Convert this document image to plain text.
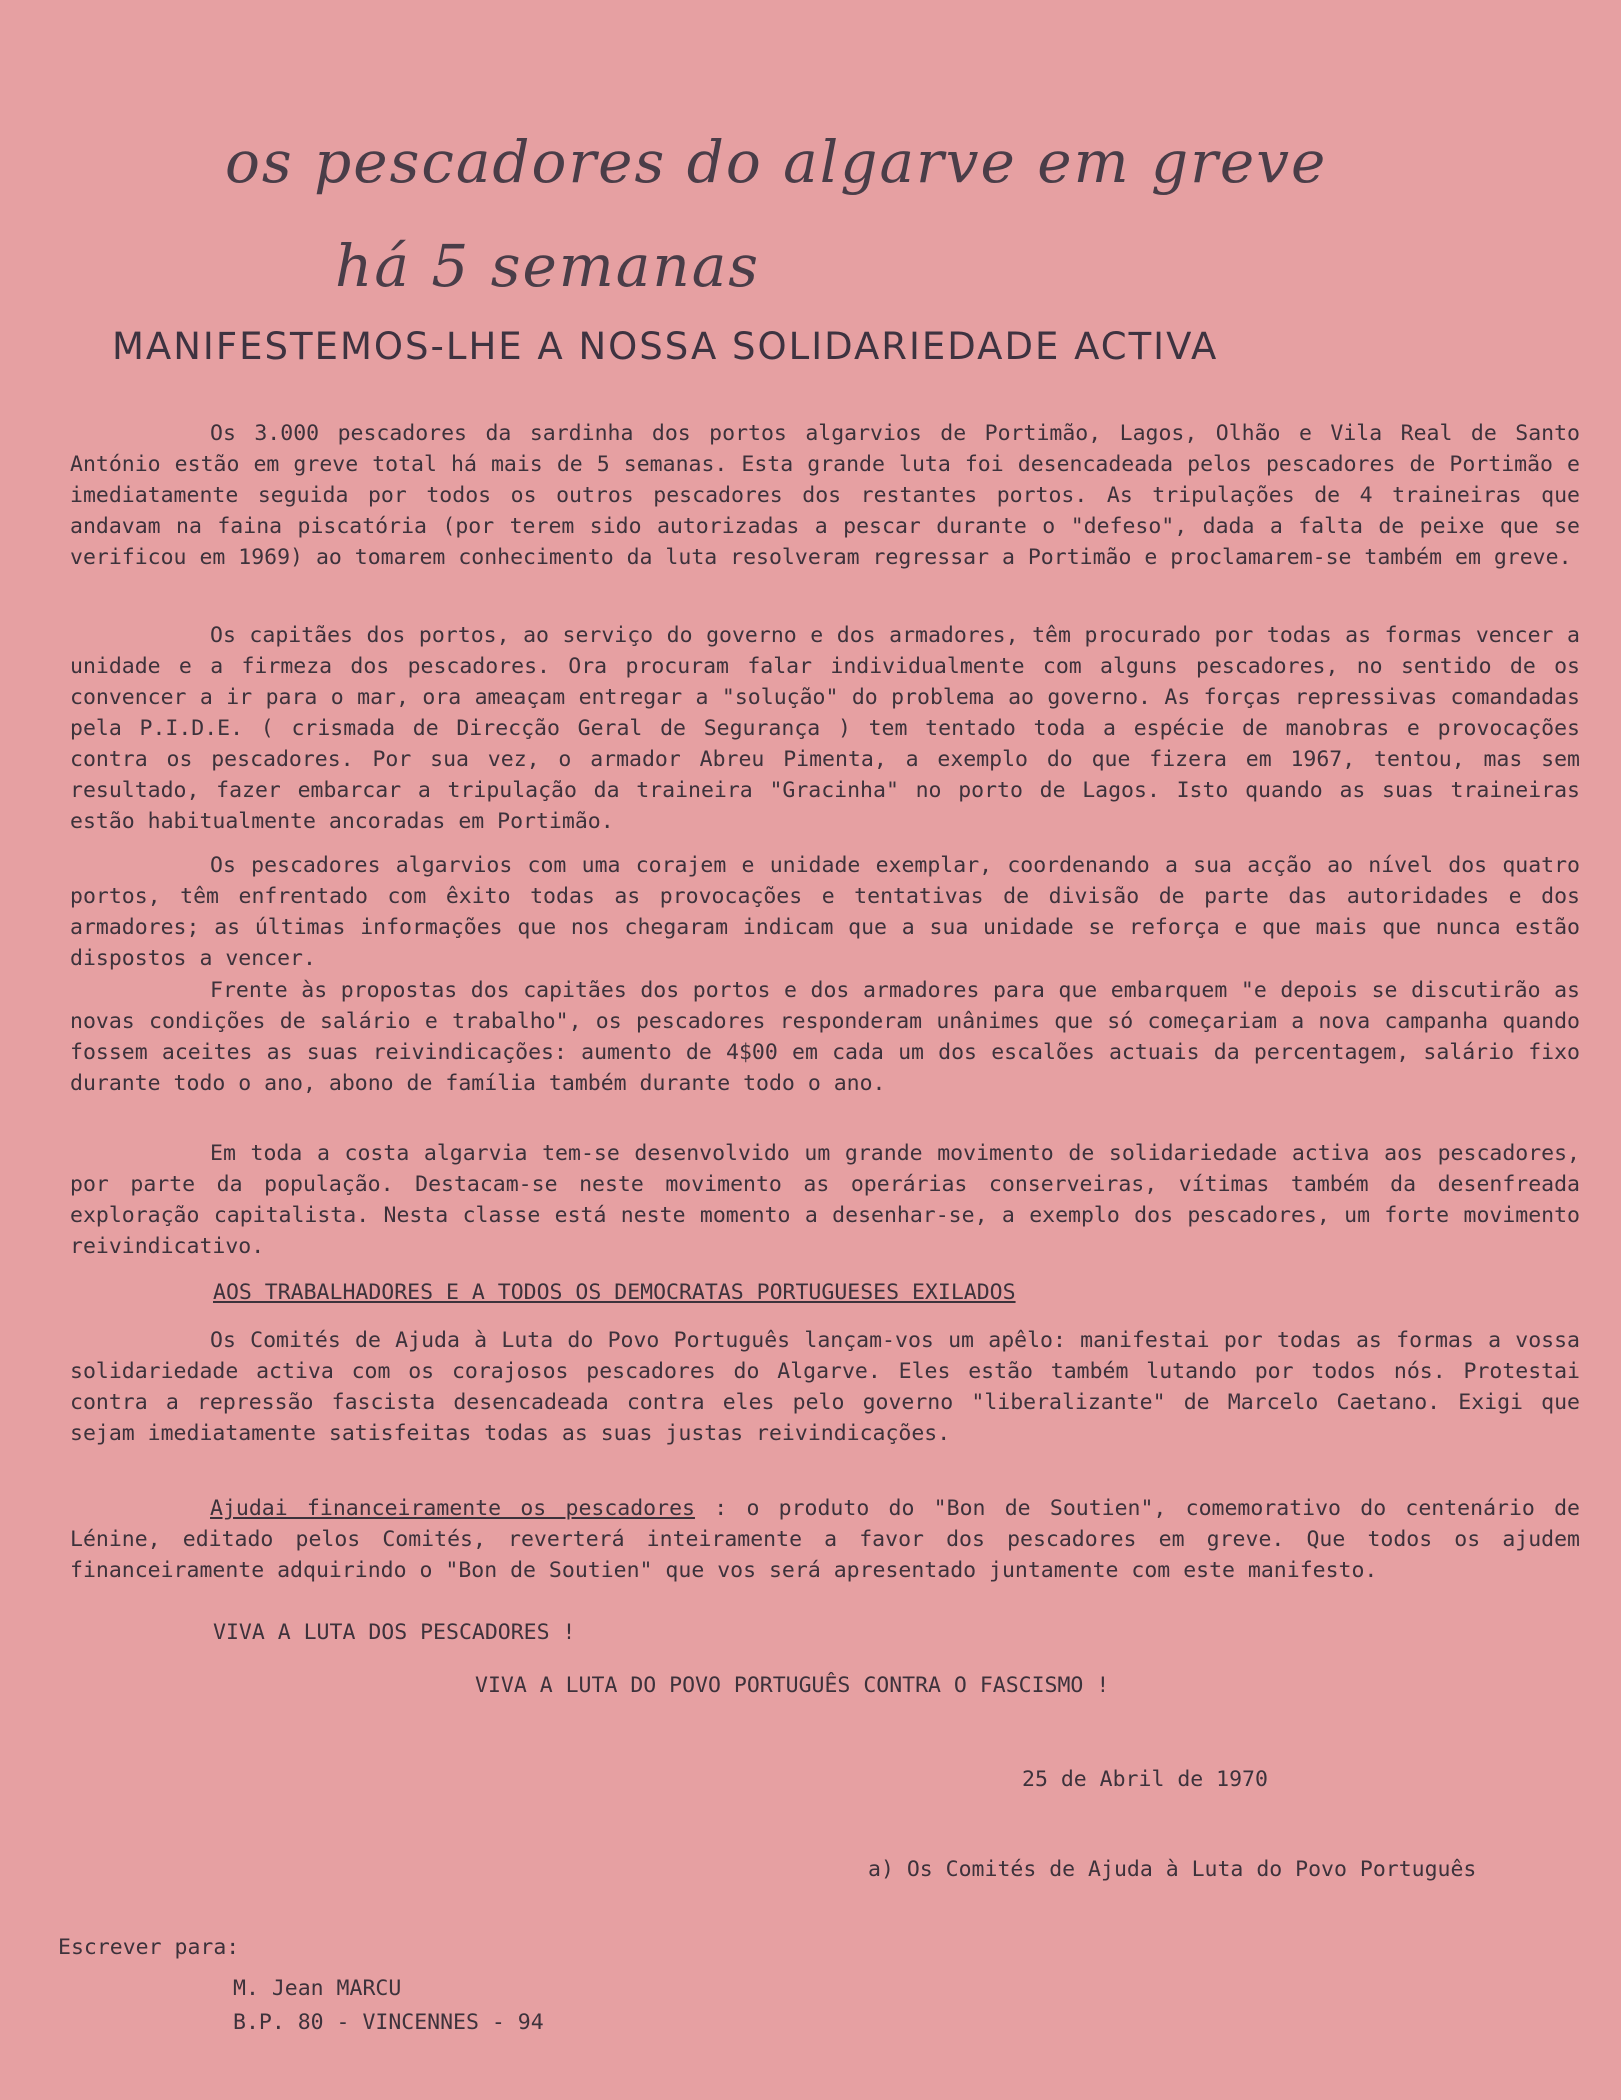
os pescadores do algarve em greve
há 5 semanas
MANIFESTEMOS-LHE A NOSSA SOLIDARIEDADE ACTIVA
Os 3.000 pescadores da sardinha dos portos algarvios de Portimão, Lagos, Olhão e Vila Real de Santo António estão em greve total há mais de 5 semanas. Esta grande luta foi desencadeada pelos pescadores de Portimão e imediatamente seguida por todos os outros pescadores dos restantes portos. As tripulações de 4 traineiras que andavam na faina piscatória (por terem sido autorizadas a pescar durante o "defeso", dada a falta de peixe que se verificou em 1969) ao tomarem conhecimento da luta resolveram regressar a Portimão e proclamarem-se também em greve.
Os capitães dos portos, ao serviço do governo e dos armadores, têm procurado por todas as formas vencer a unidade e a firmeza dos pescadores. Ora procuram falar individualmente com alguns pescadores, no sentido de os convencer a ir para o mar, ora ameaçam entregar a "solução" do problema ao governo. As forças repressivas comandadas pela P.I.D.E. ( crismada de Direcção Geral de Segurança ) tem tentado toda a espécie de manobras e provocações contra os pescadores. Por sua vez, o armador Abreu Pimenta, a exemplo do que fizera em 1967, tentou, mas sem resultado, fazer embarcar a tripulação da traineira "Gracinha" no porto de Lagos. Isto quando as suas traineiras estão habitualmente ancoradas em Portimão.
Os pescadores algarvios com uma corajem e unidade exemplar, coordenando a sua acção ao nível dos quatro portos, têm enfrentado com êxito todas as provocações e tentativas de divisão de parte das autoridades e dos armadores; as últimas informações que nos chegaram indicam que a sua unidade se reforça e que mais que nunca estão dispostos a vencer.
Frente às propostas dos capitães dos portos e dos armadores para que embarquem "e depois se discutirão as novas condições de salário e trabalho", os pescadores responderam unânimes que só começariam a nova campanha quando fossem aceites as suas reivindicações: aumento de 4$00 em cada um dos escalões actuais da percentagem, salário fixo durante todo o ano, abono de família também durante todo o ano.
Em toda a costa algarvia tem-se desenvolvido um grande movimento de solidariedade activa aos pescadores, por parte da população. Destacam-se neste movimento as operárias conserveiras, vítimas também da desenfreada exploração capitalista. Nesta classe está neste momento a desenhar-se, a exemplo dos pescadores, um forte movimento reivindicativo.
AOS TRABALHADORES E A TODOS OS DEMOCRATAS PORTUGUESES EXILADOS
Os Comités de Ajuda à Luta do Povo Português lançam-vos um apêlo: manifestai por todas as formas a vossa solidariedade activa com os corajosos pescadores do Algarve. Eles estão também lutando por todos nós. Protestai contra a repressão fascista desencadeada contra eles pelo governo "liberalizante" de Marcelo Caetano. Exigi que sejam imediatamente satisfeitas todas as suas justas reivindicações.
Ajudai financeiramente os pescadores : o produto do "Bon de Soutien", comemorativo do centenário de Lénine, editado pelos Comités, reverterá inteiramente a favor dos pescadores em greve. Que todos os ajudem financeiramente adquirindo o "Bon de Soutien" que vos será apresentado juntamente com este manifesto.
VIVA A LUTA DOS PESCADORES !
VIVA A LUTA DO POVO PORTUGUÊS CONTRA O FASCISMO !
25 de Abril de 1970
a) Os Comités de Ajuda à Luta do Povo Português
Escrever para:
M. Jean MARCU
B.P. 80 - VINCENNES - 94
